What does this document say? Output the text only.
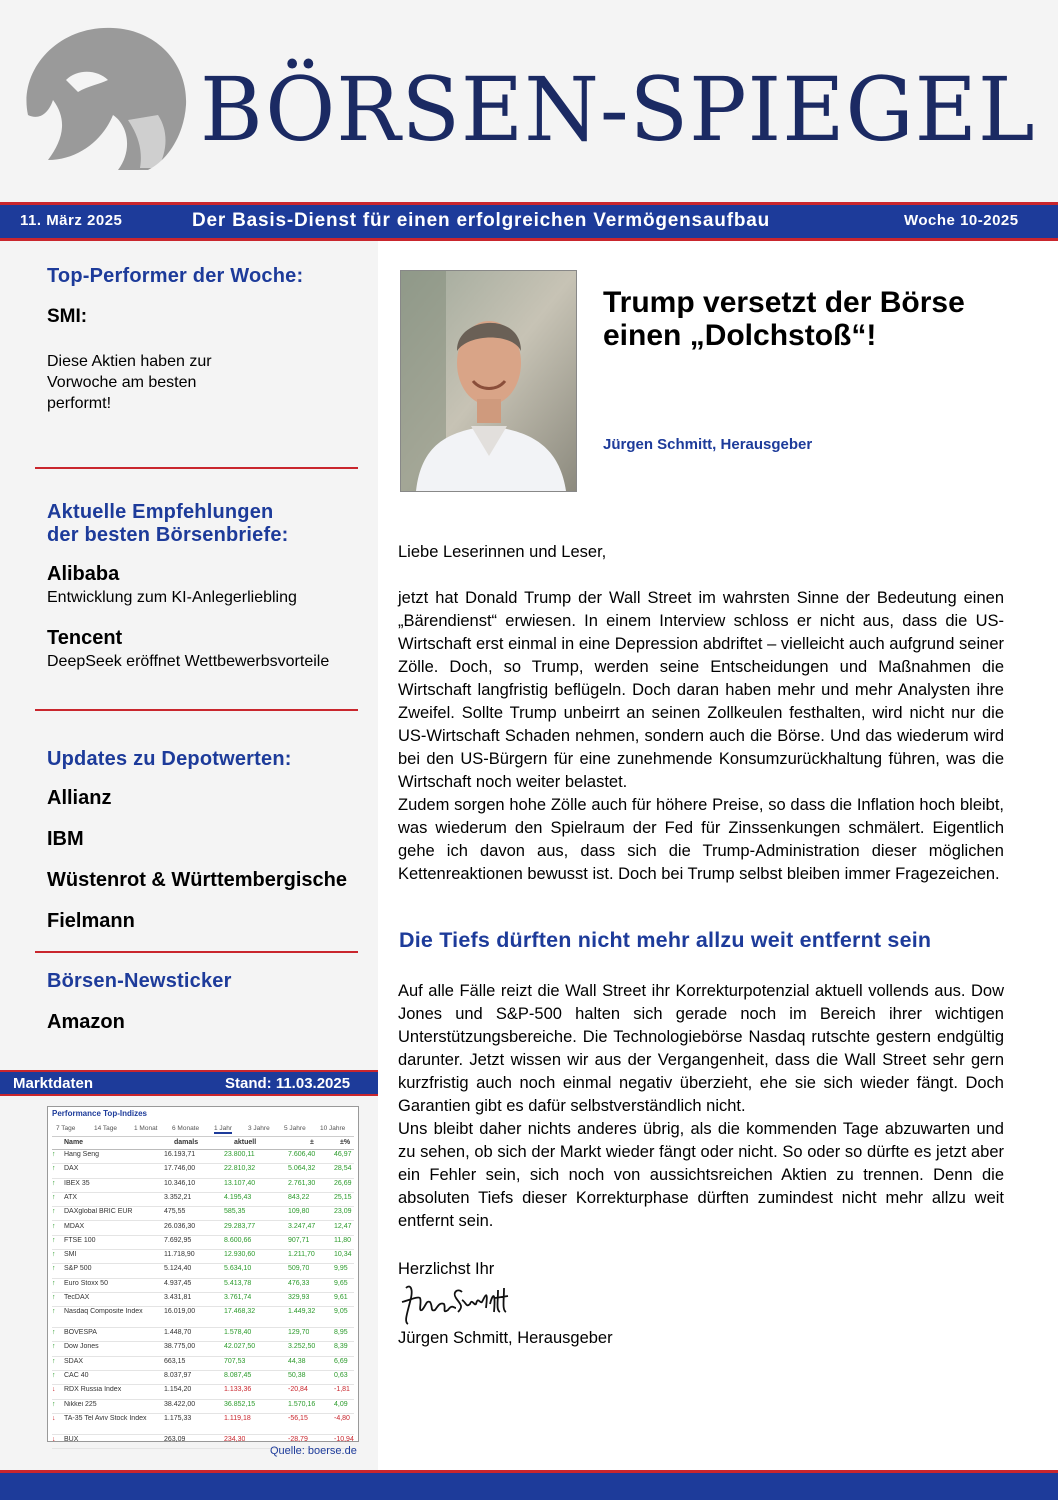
BÖRSEN-SPIEGEL
11. März 2025	Der Basis-Dienst für einen erfolgreichen Vermögensaufbau	Woche 10-2025
Top-Performer der Woche:
SMI:
Diese Aktien haben zur Vorwoche am besten performt!
Aktuelle Empfehlungen
der besten Börsenbriefe:
Alibaba
Entwicklung zum KI-Anlegerliebling
Tencent
DeepSeek eröffnet Wettbewerbsvorteile
Updates zu Depotwerten:
Allianz
IBM
Wüstenrot & Württembergische
Fielmann
Börsen-Newsticker
Amazon
Marktdaten	Stand: 11.03.2025
Performance Top-Indizes
7 Tage	14 Tage	1 Monat 6 Monate 1 Jahr 3 Jahre 5 Jahre 10 Jahre
Name	damals	aktuell	±	±%
↑ Hang Seng	16.193,71	23.800,11	7.606,40	46,97
↑ DAX	17.746,00	22.810,32	5.064,32	28,54
↑ IBEX 35	10.346,10	13.107,40	2.761,30	26,69
↑ ATX	3.352,21	4.195,43	843,22	25,15
↑ DAXglobal BRIC EUR	475,55	585,35	109,80	23,09
↑ MDAX	26.036,30	29.283,77	3.247,47	12,47
↑ FTSE 100	7.692,95	8.600,66	907,71	11,80
↑ SMI	11.718,90	12.930,60	1.211,70	10,34
↑ S&P 500	5.124,40	5.634,10	509,70	9,95
↑ Euro Stoxx 50	4.937,45	5.413,78	476,33	9,65
↑ TecDAX	3.431,81	3.761,74	329,93	9,61
↑ Nasdaq Composite Index	16.019,00	17.468,32	1.449,32	9,05
↑ BOVESPA	1.448,70	1.578,40	129,70	8,95
↑ Dow Jones	38.775,00	42.027,50	3.252,50	8,39
↑ SDAX	663,15	707,53	44,38	6,69
↑ CAC 40	8.037,97	8.087,45	50,38	0,63
↓ RDX Russia Index	1.154,20	1.133,36	-20,84	-1,81
↑ Nikkei 225	38.422,00	36.852,15	1.570,16	4,09
↓ TA-35 Tel Aviv Stock Index	1.175,33	1.119,18	-56,15	-4,80
↓ BUX	263,09	234,30	-28,79	-10,94
Quelle: boerse.de
Trump versetzt der Börse
einen „Dolchstoß“!
Jürgen Schmitt, Herausgeber
Liebe Leserinnen und Leser,
jetzt hat Donald Trump der Wall Street im wahrsten Sinne der Bedeutung einen „Bärendienst“ erwiesen. In einem Interview schloss er nicht aus, dass die US-Wirtschaft erst einmal in eine Depression abdriftet – vielleicht auch aufgrund seiner Zölle. Doch, so Trump, werden seine Entscheidungen und Maßnahmen die Wirtschaft langfristig beflügeln. Doch daran haben mehr und mehr Analysten ihre Zweifel. Sollte Trump unbeirrt an seinen Zollkeulen festhalten, wird nicht nur die US-Wirtschaft Schaden nehmen, sondern auch die Börse. Und das wiederum wird bei den US-Bürgern für eine zunehmende Konsumzurückhaltung führen, was die Wirtschaft noch weiter belastet.
Zudem sorgen hohe Zölle auch für höhere Preise, so dass die Inflation hoch bleibt, was wiederum den Spielraum der Fed für Zinssenkungen schmälert. Eigentlich gehe ich davon aus, dass sich die Trump-Administration dieser möglichen Kettenreaktionen bewusst ist. Doch bei Trump selbst bleiben immer Fragezeichen.
Die Tiefs dürften nicht mehr allzu weit entfernt sein
Auf alle Fälle reizt die Wall Street ihr Korrekturpotenzial aktuell vollends aus. Dow Jones und S&P-500 halten sich gerade noch im Bereich ihrer wichtigen Unterstützungsbereiche. Die Technologiebörse Nasdaq rutschte gestern endgültig darunter. Jetzt wissen wir aus der Vergangenheit, dass die Wall Street sehr gern kurzfristig auch noch einmal negativ überzieht, ehe sie sich wieder fängt. Doch Garantien gibt es dafür selbstverständlich nicht.
Uns bleibt daher nichts anderes übrig, als die kommenden Tage abzuwarten und zu sehen, ob sich der Markt wieder fängt oder nicht. So oder so dürfte es jetzt aber ein Fehler sein, sich noch von aussichtsreichen Aktien zu trennen. Denn die absoluten Tiefs dieser Korrekturphase dürften zumindest nicht mehr allzu weit entfernt sein.
Herzlichst Ihr
Jürgen Schmitt, Herausgeber
